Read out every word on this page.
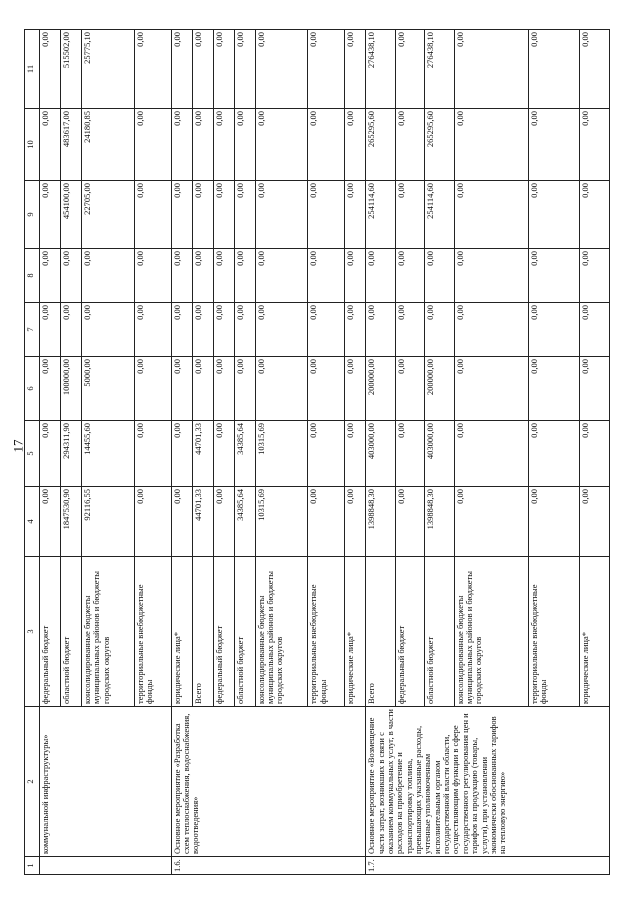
17
1	2	3	4	5	6	7	8	9	10	11
	коммунальной инфраструктуры»	федеральный бюджет	0,00	0,00	0,00	0,00	0,00	0,00	0,00	0,00
		областной бюджет	1847530,90	294311,90	100000,00	0,00	0,00	454100,00	483617,00	515502,00
		консолидированные бюджеты муниципальных районов и бюджеты городских округов	92116,55	14455,60	5000,00	0,00	0,00	22705,00	24180,85	25775,10
		территориальные внебюджетные фонды	0,00	0,00	0,00	0,00	0,00	0,00	0,00	0,00
1.6.	Основное мероприятие «Разработка схем теплоснабжения, водоснабжения, водоотведения»	юридические лица*	0,00	0,00	0,00	0,00	0,00	0,00	0,00	0,00
		Всего	44701,33	44701,33	0,00	0,00	0,00	0,00	0,00	0,00
		федеральный бюджет	0,00	0,00	0,00	0,00	0,00	0,00	0,00	0,00
		областной бюджет	34385,64	34385,64	0,00	0,00	0,00	0,00	0,00	0,00
		консолидированные бюджеты муниципальных районов и бюджеты городских округов	10315,69	10315,69	0,00	0,00	0,00	0,00	0,00	0,00
		территориальные внебюджетные фонды	0,00	0,00	0,00	0,00	0,00	0,00	0,00	0,00
		юридические лица*	0,00	0,00	0,00	0,00	0,00	0,00	0,00	0,00
1.7.	Основное мероприятие «Возмещение части затрат, возникших в связи с оказанием коммунальных услуг, в части расходов на приобретение и транспортировку топлива, превышающих указанные расходы, учтенные уполномоченным исполнительным органом государственной власти области, осуществляющим функции в сфере государственного регулирования цен и тарифов на продукцию (товары, услуги), при установлении экономически обоснованных тарифов на тепловую энергию»	Всего	1398848,30	403000,00	200000,00	0,00	0,00	254114,60	265295,60	276438,10
		федеральный бюджет	0,00	0,00	0,00	0,00	0,00	0,00	0,00	0,00
		областной бюджет	1398848,30	403000,00	200000,00	0,00	0,00	254114,60	265295,60	276438,10
		консолидированные бюджеты муниципальных районов и бюджеты городских округов	0,00	0,00	0,00	0,00	0,00	0,00	0,00	0,00
		территориальные внебюджетные фонды	0,00	0,00	0,00	0,00	0,00	0,00	0,00	0,00
		юридические лица*	0,00	0,00	0,00	0,00	0,00	0,00	0,00	0,00
